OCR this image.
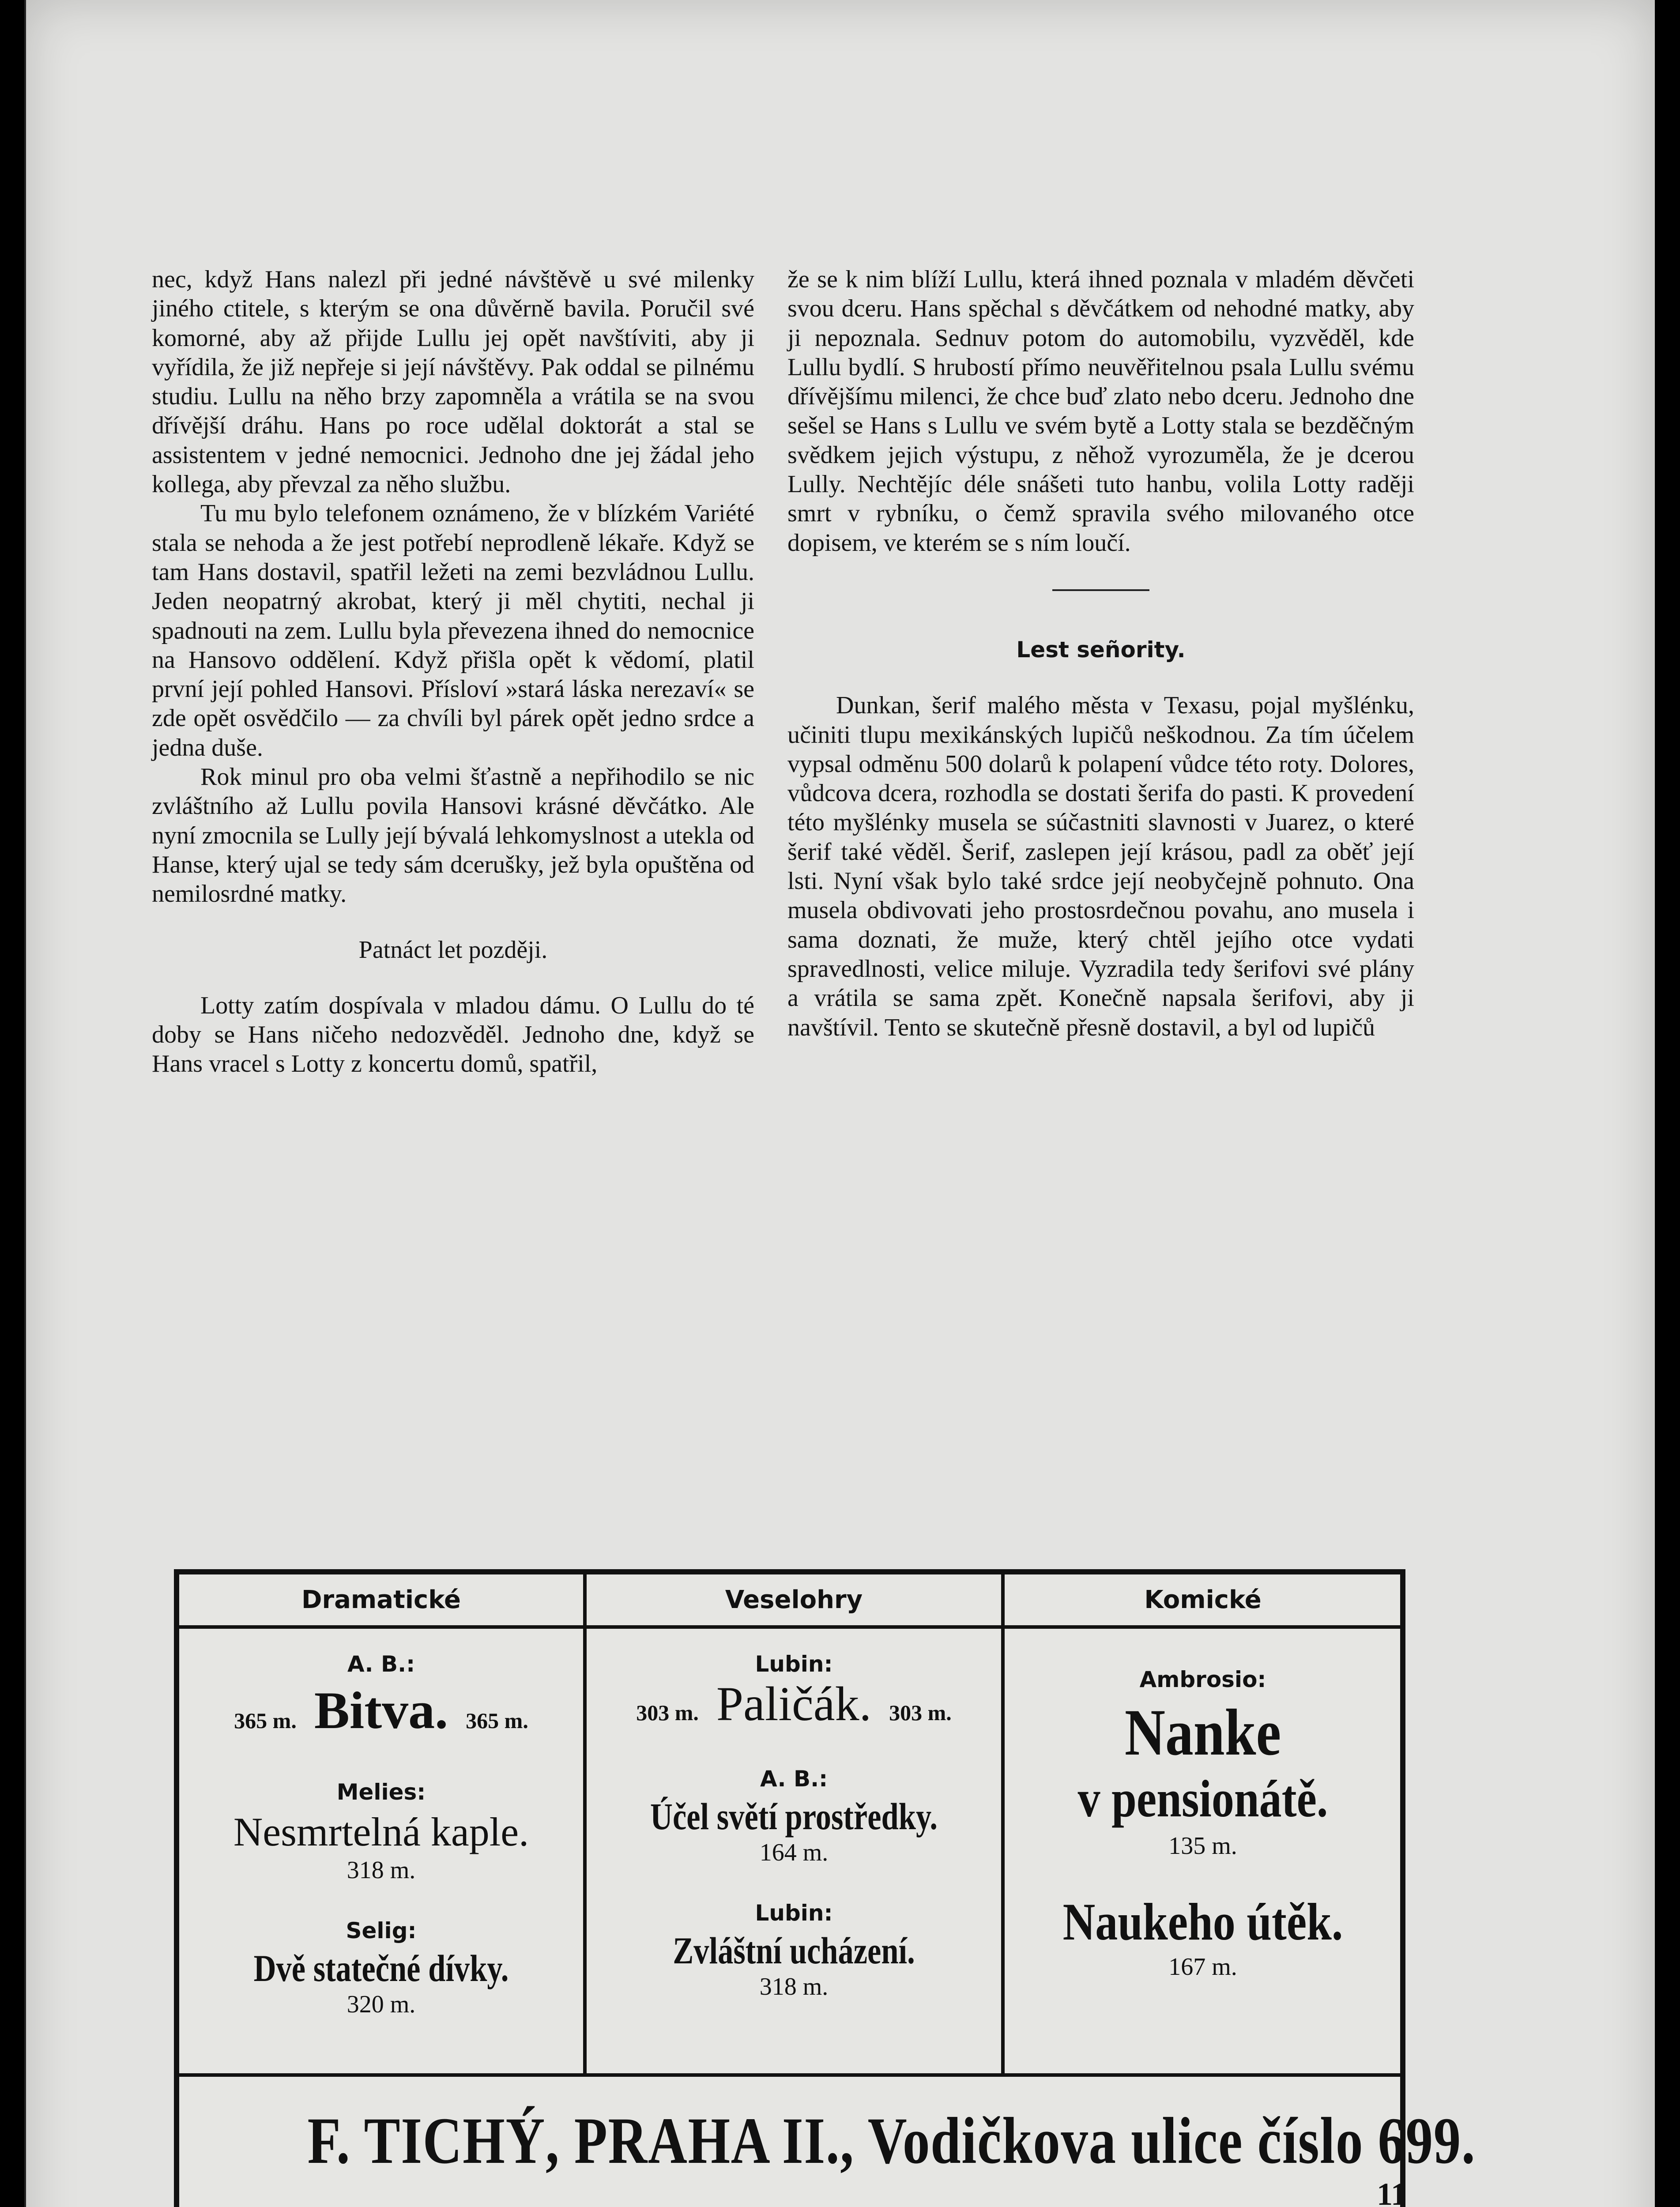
nec, když Hans nalezl při jedné návštěvě u své milenky jiného ctitele, s kterým se ona důvěrně bavila. Poručil své komorné, aby až přijde Lullu jej opět navštíviti, aby ji vyřídila, že již nepřeje si její návštěvy. Pak oddal se pilnému studiu. Lullu na něho brzy zapomněla a vrátila se na svou dřívější dráhu. Hans po roce udělal doktorát a stal se assistentem v jedné nemocnici. Jednoho dne jej žádal jeho kollega, aby převzal za něho službu.

Tu mu bylo telefonem oznámeno, že v blízkém Variété stala se nehoda a že jest potřebí neprodleně lékaře. Když se tam Hans dostavil, spatřil ležeti na zemi bezvládnou Lullu. Jeden neopatrný akrobat, který ji měl chytiti, nechal ji spadnouti na zem. Lullu byla převezena ihned do nemocnice na Hansovo oddělení. Když přišla opět k vědomí, platil první její pohled Hansovi. Přísloví »stará láska nerezaví« se zde opět osvědčilo — za chvíli byl párek opět jedno srdce a jedna duše.

Rok minul pro oba velmi šťastně a nepřihodilo se nic zvláštního až Lullu povila Hansovi krásné děvčátko. Ale nyní zmocnila se Lully její bývalá lehkomyslnost a utekla od Hanse, který ujal se tedy sám dcerušky, jež byla opuštěna od nemilosrdné matky.

Patnáct let později.

Lotty zatím dospívala v mladou dámu. O Lullu do té doby se Hans ničeho nedozvěděl. Jednoho dne, když se Hans vracel s Lotty z koncertu domů, spatřil,

že se k nim blíží Lullu, která ihned poznala v mladém děvčeti svou dceru. Hans spěchal s děvčátkem od nehodné matky, aby ji nepoznala. Sednuv potom do automobilu, vyzvěděl, kde Lullu bydlí. S hrubostí přímo neuvěřitelnou psala Lullu svému dřívějšímu milenci, že chce buď zlato nebo dceru. Jednoho dne sešel se Hans s Lullu ve svém bytě a Lotty stala se bezděčným svědkem jejich výstupu, z něhož vyrozuměla, že je dcerou Lully. Nechtějíc déle snášeti tuto hanbu, volila Lotty raději smrt v rybníku, o čemž spravila svého milovaného otce dopisem, ve kterém se s ním loučí.

Lest señority.

Dunkan, šerif malého města v Texasu, pojal myšlénku, učiniti tlupu mexikánských lupičů neškodnou. Za tím účelem vypsal odměnu 500 dolarů k polapení vůdce této roty. Dolores, vůdcova dcera, rozhodla se dostati šerifa do pasti. K provedení této myšlénky musela se súčastniti slavnosti v Juarez, o které šerif také věděl. Šerif, zaslepen její krásou, padl za oběť její lsti. Nyní však bylo také srdce její neobyčejně pohnuto. Ona musela obdivovati jeho prostosrdečnou povahu, ano musela i sama doznati, že muže, který chtěl jejího otce vydati spravedlnosti, velice miluje. Vyzradila tedy šerifovi své plány a vrátila se sama zpět. Konečně napsala šerifovi, aby ji navštívil. Tento se skutečně přesně dostavil, a byl od lupičů

Dramatické
A. B.:
365 m. Bitva. 365 m.
Melies:
Nesmrtelná kaple.
318 m.
Selig:
Dvě statečné dívky.
320 m.
Veselohry
Lubin:
303 m. Paličák. 303 m.
A. B.:
Účel světí prostředky.
164 m.
Lubin:
Zvláštní ucházení.
318 m.
Komické
Ambrosio:
Nanke
v pensionátě.
135 m.
Naukeho útěk.
167 m.
F. TICHÝ, PRAHA II., Vodičkova ulice číslo 699.
11
